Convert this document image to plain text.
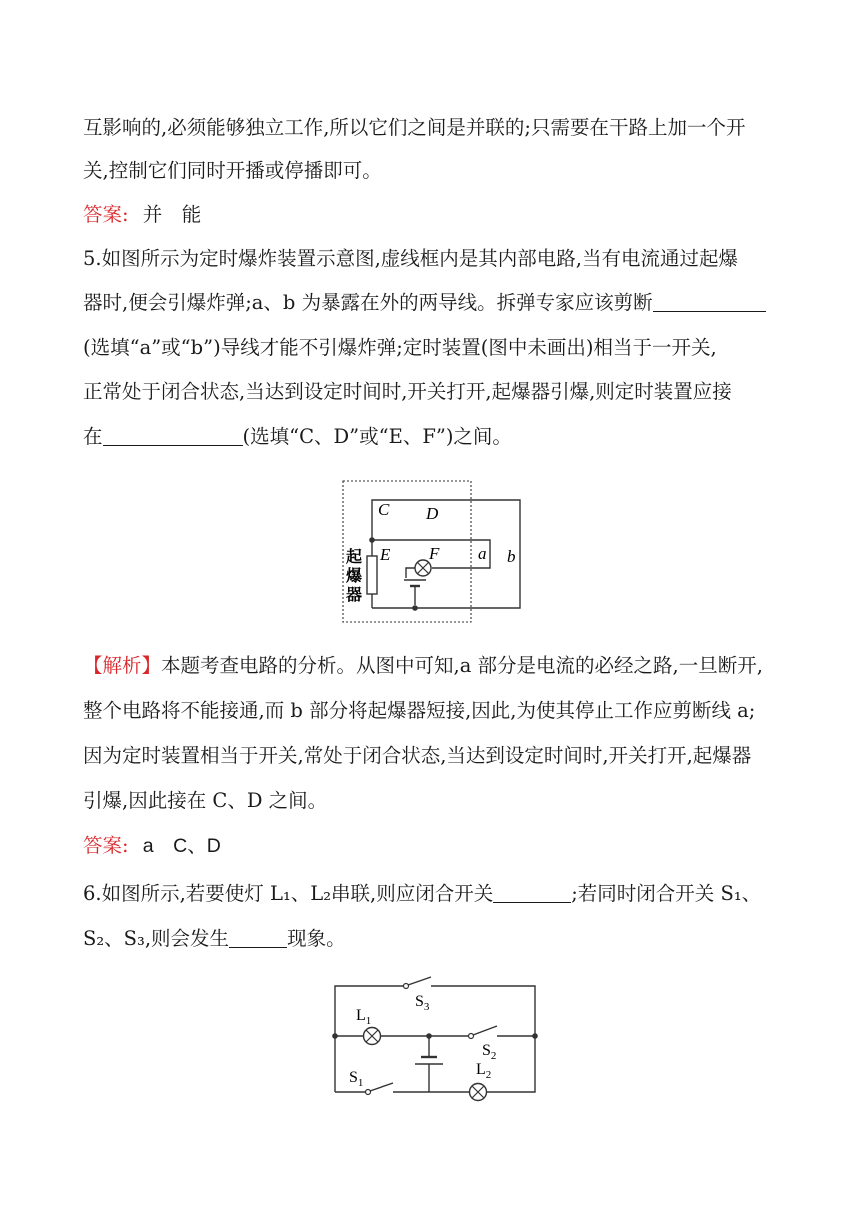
互影响的,必须能够独立工作,所以它们之间是并联的;只需要在干路上加一个开
关,控制它们同时开播或停播即可。
答案: 并　能
5.如图所示为定时爆炸装置示意图,虚线框内是其内部电路,当有电流通过起爆
器时,便会引爆炸弹;a、b 为暴露在外的两导线。拆弹专家应该剪断
(选填“a”或“b”)导线才能不引爆炸弹;定时装置(图中未画出)相当于一开关,
正常处于闭合状态,当达到设定时间时,开关打开,起爆器引爆,则定时装置应接
在	(选填“C、D”或“E、F”)之间。
C D
E F a b
起
爆
器
【解析】本题考查电路的分析。从图中可知,a 部分是电流的必经之路,一旦断开,
整个电路将不能接通,而 b 部分将起爆器短接,因此,为使其停止工作应剪断线 a;
因为定时装置相当于开关,常处于闭合状态,当达到设定时间时,开关打开,起爆器
引爆,因此接在 C、D 之间。
答案: a　C、D
6.如图所示,若要使灯 L₁、L₂串联,则应闭合开关	;若同时闭合开关 S₁、
S₂、S₃,则会发生	现象。
$S_3$
$L_1$
$S_2$
$S_1$
$L_2$
